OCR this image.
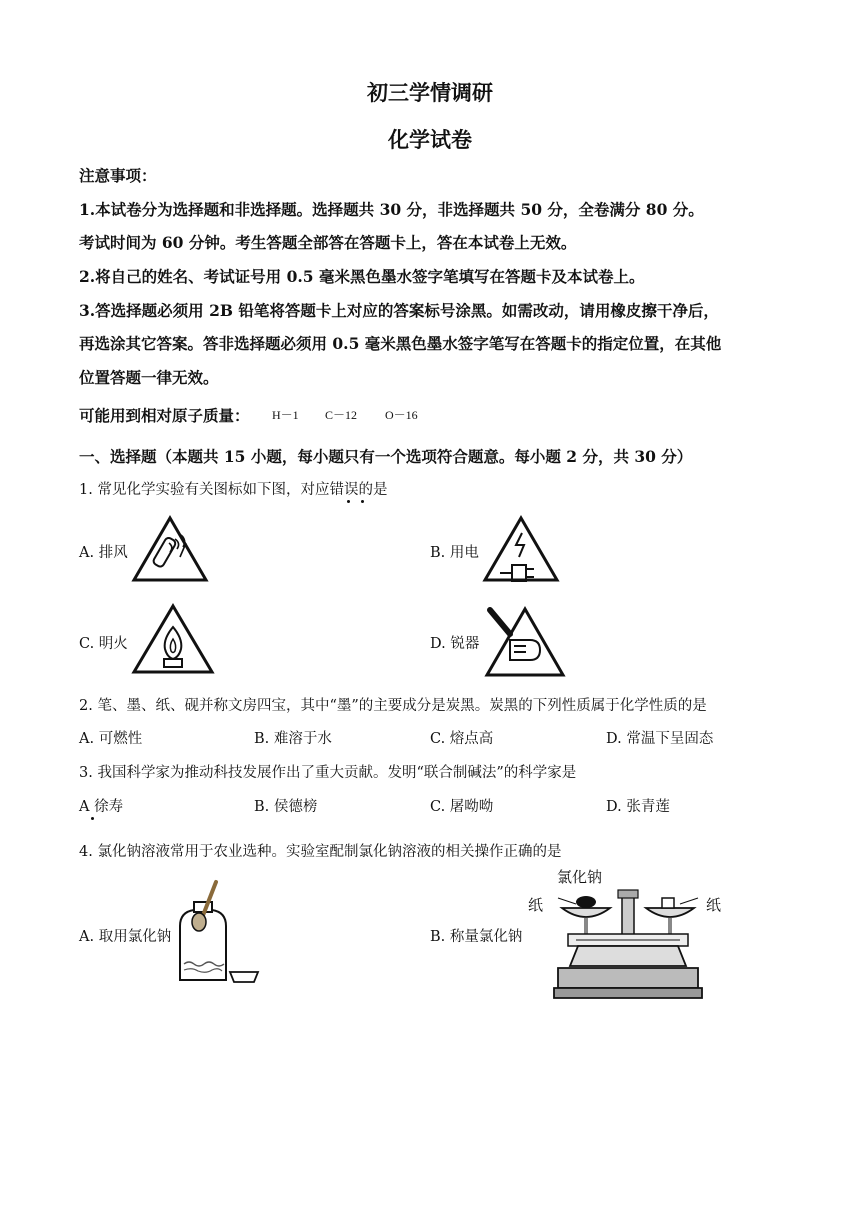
初三学情调研
化学试卷
注意事项：
1.本试卷分为选择题和非选择题。选择题共 30 分，非选择题共 50 分，全卷满分 80 分。
考试时间为 60 分钟。考生答题全部答在答题卡上，答在本试卷上无效。
2.将自己的姓名、考试证号用 0.5 毫米黑色墨水签字笔填写在答题卡及本试卷上。
3.答选择题必须用 2B 铅笔将答题卡上对应的答案标号涂黑。如需改动，请用橡皮擦干净后，
再选涂其它答案。答非选择题必须用 0.5 毫米黑色墨水签字笔写在答题卡的指定位置，在其他
位置答题一律无效。
可能用到相对原子质量： H－1 C－12 O－16
一、选择题（本题共 15 小题，每小题只有一个选项符合题意。每小题 2 分，共 30 分）
1. 常见化学实验有关图标如下图，对应错误的是
A. 排风	B. 用电
C. 明火	D. 锐器
2. 笔、墨、纸、砚并称文房四宝，其中“墨”的主要成分是炭黑。炭黑的下列性质属于化学性质的是
A. 可燃性	B. 难溶于水	C. 熔点高	D. 常温下呈固态
3. 我国科学家为推动科技发展作出了重大贡献。发明“联合制碱法”的科学家是
A 徐寿	B. 侯德榜	C. 屠呦呦	D. 张青莲
4. 氯化钠溶液常用于农业选种。实验室配制氯化钠溶液的相关操作正确的是
A. 取用氯化钠	B. 称量氯化钠
氯化钠
纸	纸
